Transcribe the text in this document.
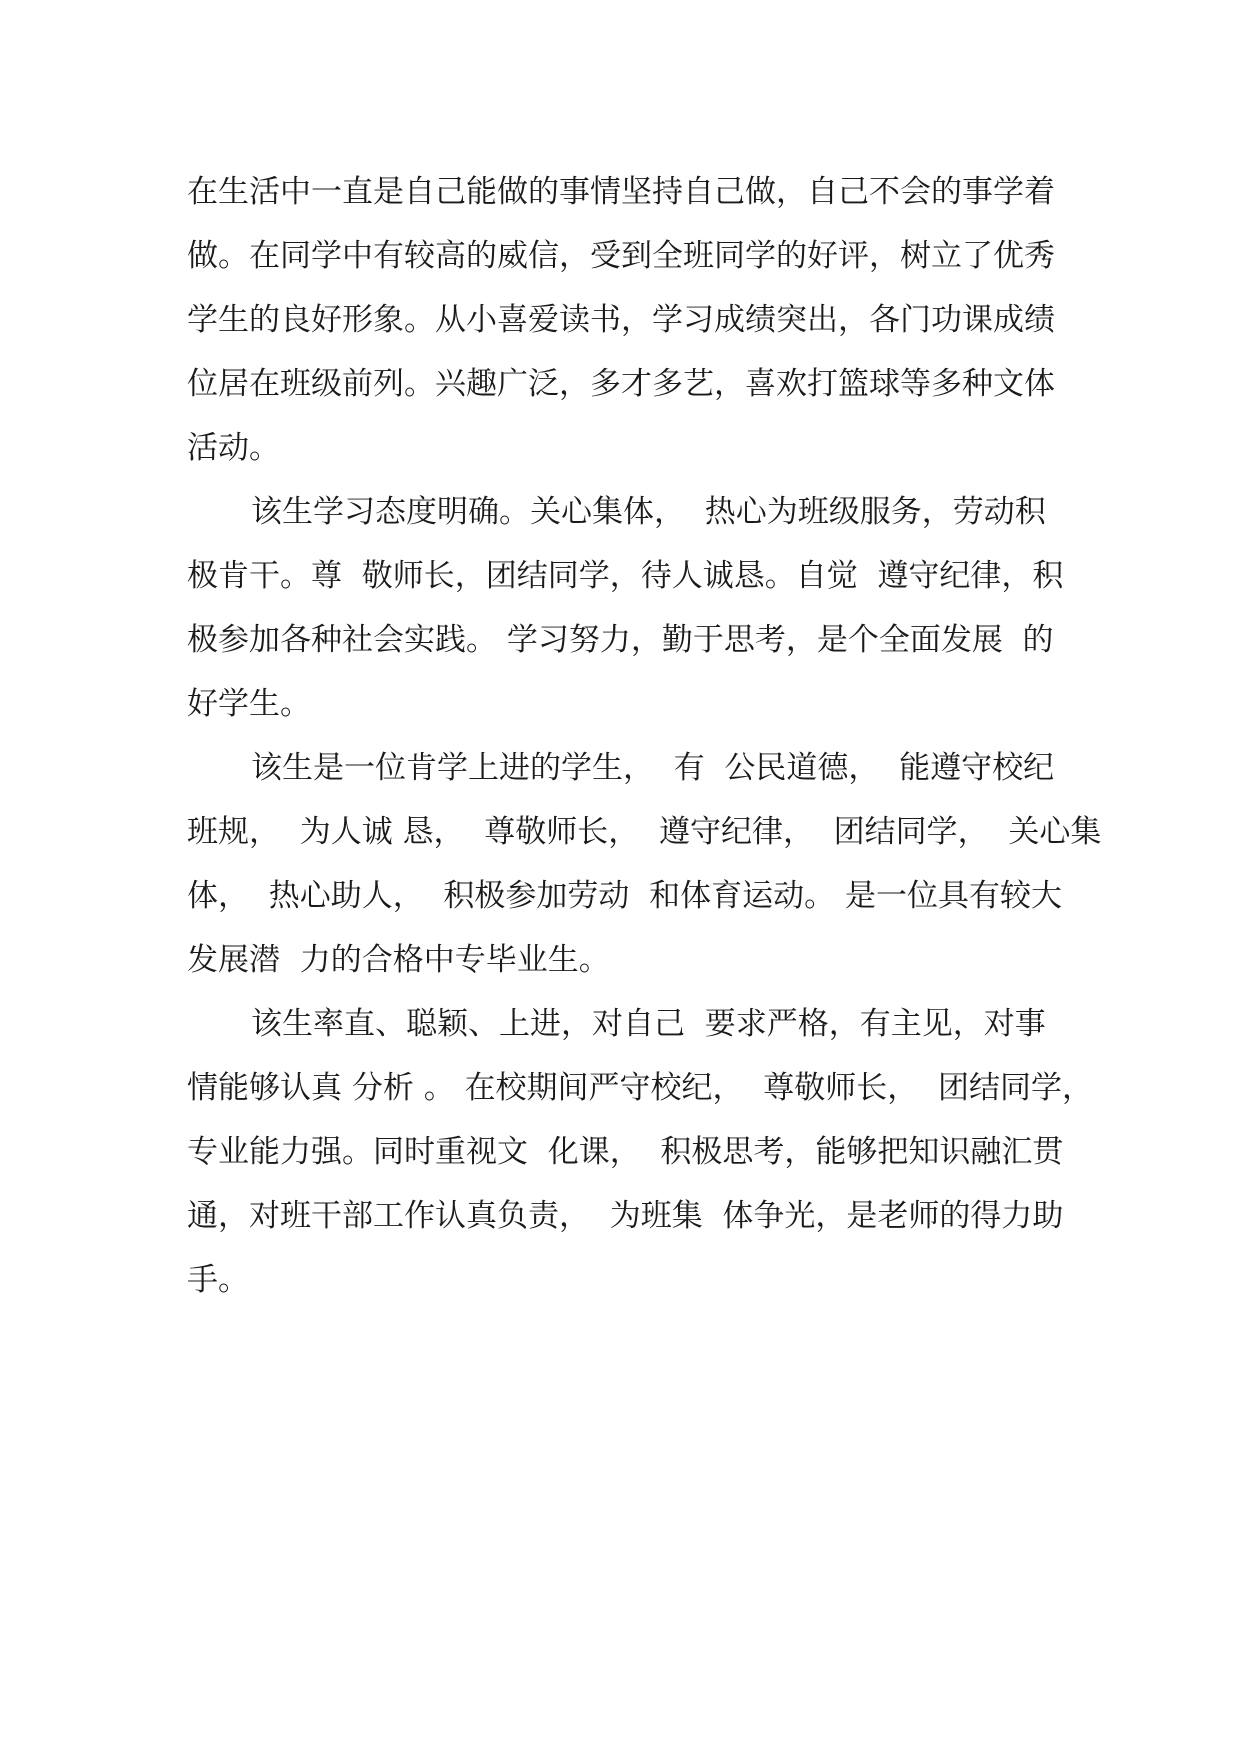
在生活中一直是自己能做的事情坚持自己做，自己不会的事学着

做。在同学中有较高的威信，受到全班同学的好评，树立了优秀

学生的良好形象。从小喜爱读书，学习成绩突出，各门功课成绩

位居在班级前列。兴趣广泛，多才多艺，喜欢打篮球等多种文体

活动。

该生学习态度明确。关心集体，  热心为班级服务，劳动积

极肯干。尊  敬师长，团结同学，待人诚恳。自觉  遵守纪律，积

极参加各种社会实践。 学习努力，勤于思考，是个全面发展  的

好学生。

该生是一位肯学上进的学生，  有  公民道德，  能遵守校纪

班规，  为人诚 恳，  尊敬师长，  遵守纪律，  团结同学，  关心集

体，  热心助人，  积极参加劳动  和体育运动。 是一位具有较大

发展潜  力的合格中专毕业生。

该生率直、聪颖、上进，对自己  要求严格，有主见，对事

情能够认真 分析 。 在校期间严守校纪，  尊敬师长，  团结同学，

专业能力强。同时重视文  化课，  积极思考，能够把知识融汇贯

通，对班干部工作认真负责，  为班集  体争光，是老师的得力助

手。
